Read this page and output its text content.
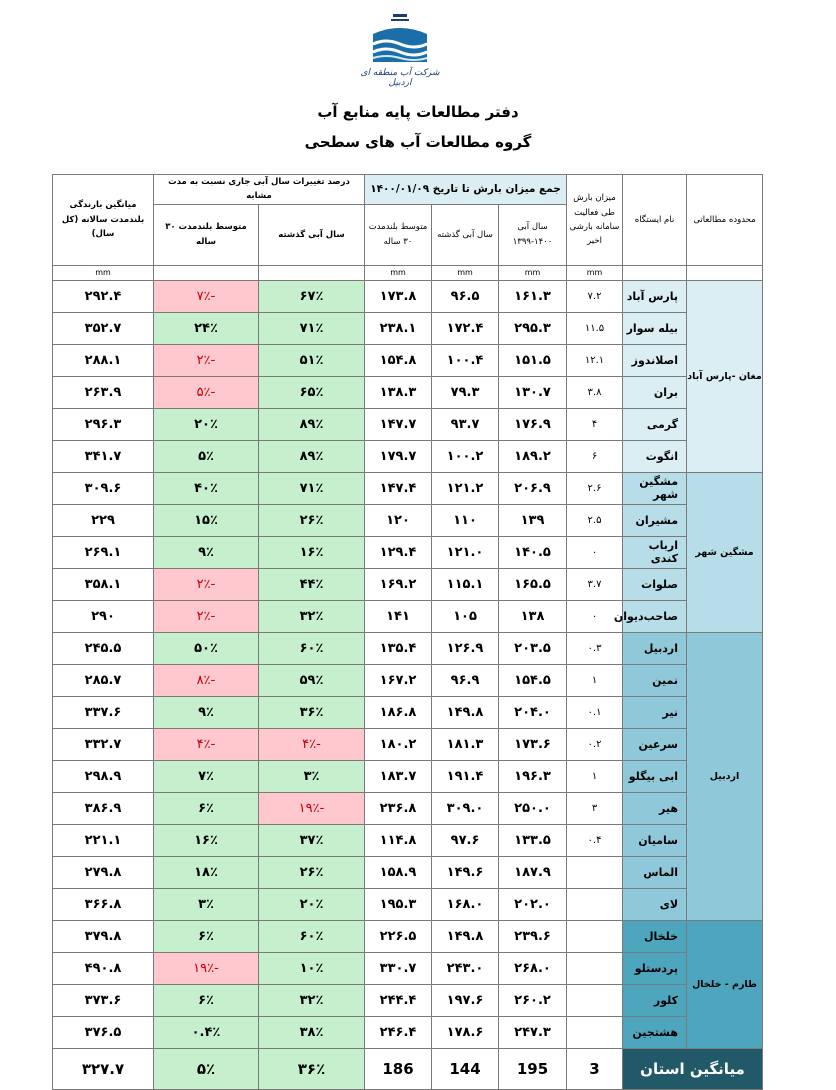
شرکت آب منطقه ای اردبیل
دفتر مطالعات پایه منابع آب
گروه مطالعات آب های سطحی
محدوده مطالعاتی	نام ایستگاه	میزان بارش طی فعالیت سامانه بارشی اخیر	جمع میزان بارش تا تاریخ ۱۴۰۰/۰۱/۰۹			درصد تغییرات سال آبی جاری نسبت به مدت مشابه		میانگین بارندگی بلندمدت سالانه (کل سال)
			سال آبی ۱۴۰۰-۱۳۹۹	سال آبی گذشته	متوسط بلندمدت ۳۰ ساله	سال آبی گذشته	متوسط بلندمدت ۳۰ ساله	
		mm	mm	mm	mm			mm
مغان -پارس آباد	پارس آباد	۷.۲	۱۶۱.۳	۹۶.۵	۱۷۳.۸	۶۷٪	-۷٪	۲۹۲.۴
	بیله سوار	۱۱.۵	۲۹۵.۳	۱۷۲.۴	۲۳۸.۱	۷۱٪	۲۴٪	۳۵۲.۷
	اصلاندوز	۱۲.۱	۱۵۱.۵	۱۰۰.۴	۱۵۴.۸	۵۱٪	-۲٪	۲۸۸.۱
	بران	۳.۸	۱۳۰.۷	۷۹.۳	۱۳۸.۳	۶۵٪	-۵٪	۲۶۳.۹
	گرمی	۴	۱۷۶.۹	۹۳.۷	۱۴۷.۷	۸۹٪	۲۰٪	۲۹۶.۳
	انگوت	۶	۱۸۹.۲	۱۰۰.۲	۱۷۹.۷	۸۹٪	۵٪	۳۴۱.۷
مشگین شهر	مشگین شهر	۲.۶	۲۰۶.۹	۱۲۱.۲	۱۴۷.۴	۷۱٪	۴۰٪	۳۰۹.۶
	مشیران	۲.۵	۱۳۹	۱۱۰	۱۲۰	۲۶٪	۱۵٪	۲۲۹
	ارباب کندی	۰	۱۴۰.۵	۱۲۱.۰	۱۲۹.۴	۱۶٪	۹٪	۲۶۹.۱
	صلوات	۳.۷	۱۶۵.۵	۱۱۵.۱	۱۶۹.۲	۴۴٪	-۲٪	۳۵۸.۱
	صاحب‌دیوان	۰	۱۳۸	۱۰۵	۱۴۱	۳۲٪	-۲٪	۲۹۰
اردبیل	اردبیل	۰.۳	۲۰۳.۵	۱۲۶.۹	۱۳۵.۴	۶۰٪	۵۰٪	۲۴۵.۵
	نمین	۱	۱۵۴.۵	۹۶.۹	۱۶۷.۲	۵۹٪	-۸٪	۲۸۵.۷
	نیر	۰.۱	۲۰۴.۰	۱۴۹.۸	۱۸۶.۸	۳۶٪	۹٪	۳۳۷.۶
	سرعین	۰.۲	۱۷۳.۶	۱۸۱.۳	۱۸۰.۲	-۴٪	-۴٪	۳۳۲.۷
	ابی بیگلو	۱	۱۹۶.۳	۱۹۱.۴	۱۸۳.۷	۳٪	۷٪	۲۹۸.۹
	هیر	۳	۲۵۰.۰	۳۰۹.۰	۲۳۶.۸	-۱۹٪	۶٪	۳۸۶.۹
	سامیان	۰.۴	۱۳۳.۵	۹۷.۶	۱۱۴.۸	۳۷٪	۱۶٪	۲۲۱.۱
	الماس		۱۸۷.۹	۱۴۹.۶	۱۵۸.۹	۲۶٪	۱۸٪	۲۷۹.۸
	لای		۲۰۲.۰	۱۶۸.۰	۱۹۵.۳	۲۰٪	۳٪	۳۶۶.۸
طارم - خلخال	خلخال		۲۳۹.۶	۱۴۹.۸	۲۲۶.۵	۶۰٪	۶٪	۳۷۹.۸
	پردستلو		۲۶۸.۰	۲۴۳.۰	۳۳۰.۷	۱۰٪	-۱۹٪	۴۹۰.۸
	کلور		۲۶۰.۲	۱۹۷.۶	۲۴۴.۴	۳۲٪	۶٪	۳۷۳.۶
	هشتجین		۲۴۷.۳	۱۷۸.۶	۲۴۶.۴	۳۸٪	۰.۴٪	۳۷۶.۵
میانگین استان		3	195	144	186	۳۶٪	۵٪	۳۲۷.۷
